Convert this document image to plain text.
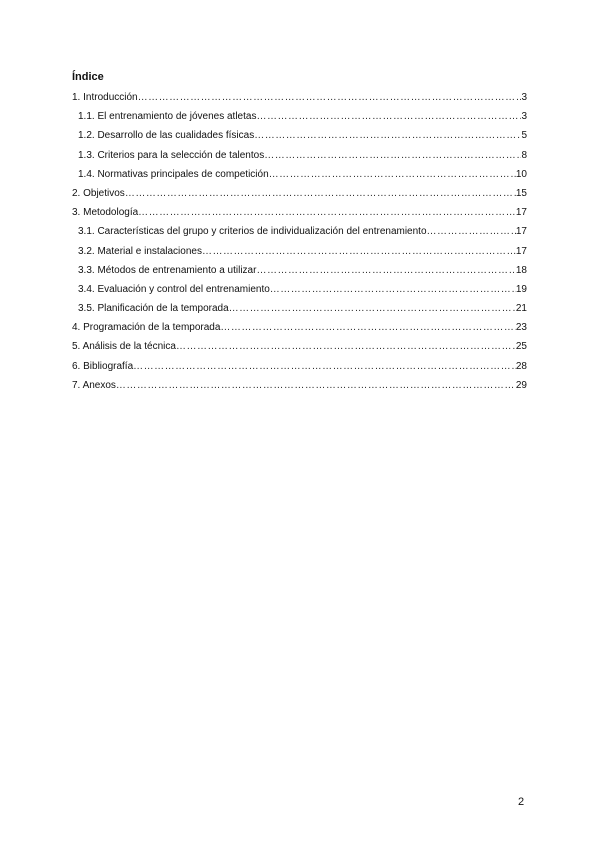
Índice
1. Introducción ……………………………………………………………………………………………………………………………………………………………………	3
1.1. El entrenamiento de jóvenes atletas ……………………………………………………………………………………………………………………………………………………………………	3
1.2. Desarrollo de las cualidades físicas ……………………………………………………………………………………………………………………………………………………………………	5
1.3. Criterios para la selección de talentos ……………………………………………………………………………………………………………………………………………………………………	8
1.4. Normativas principales de competición ……………………………………………………………………………………………………………………………………………………………………	10
2. Objetivos ……………………………………………………………………………………………………………………………………………………………………	15
3. Metodología ……………………………………………………………………………………………………………………………………………………………………	17
3.1. Características del grupo y criterios de individualización del entrenamiento ……………………………………………………………………………………………………………………………………………………………………	17
3.2. Material e instalaciones ……………………………………………………………………………………………………………………………………………………………………	17
3.3. Métodos de entrenamiento a utilizar ……………………………………………………………………………………………………………………………………………………………………	18
3.4. Evaluación y control del entrenamiento ……………………………………………………………………………………………………………………………………………………………………	19
3.5. Planificación de la temporada ……………………………………………………………………………………………………………………………………………………………………	21
4. Programación de la temporada ……………………………………………………………………………………………………………………………………………………………………	23
5. Análisis de la técnica ……………………………………………………………………………………………………………………………………………………………………	25
6. Bibliografía ……………………………………………………………………………………………………………………………………………………………………	28
7. Anexos ……………………………………………………………………………………………………………………………………………………………………	29
2
